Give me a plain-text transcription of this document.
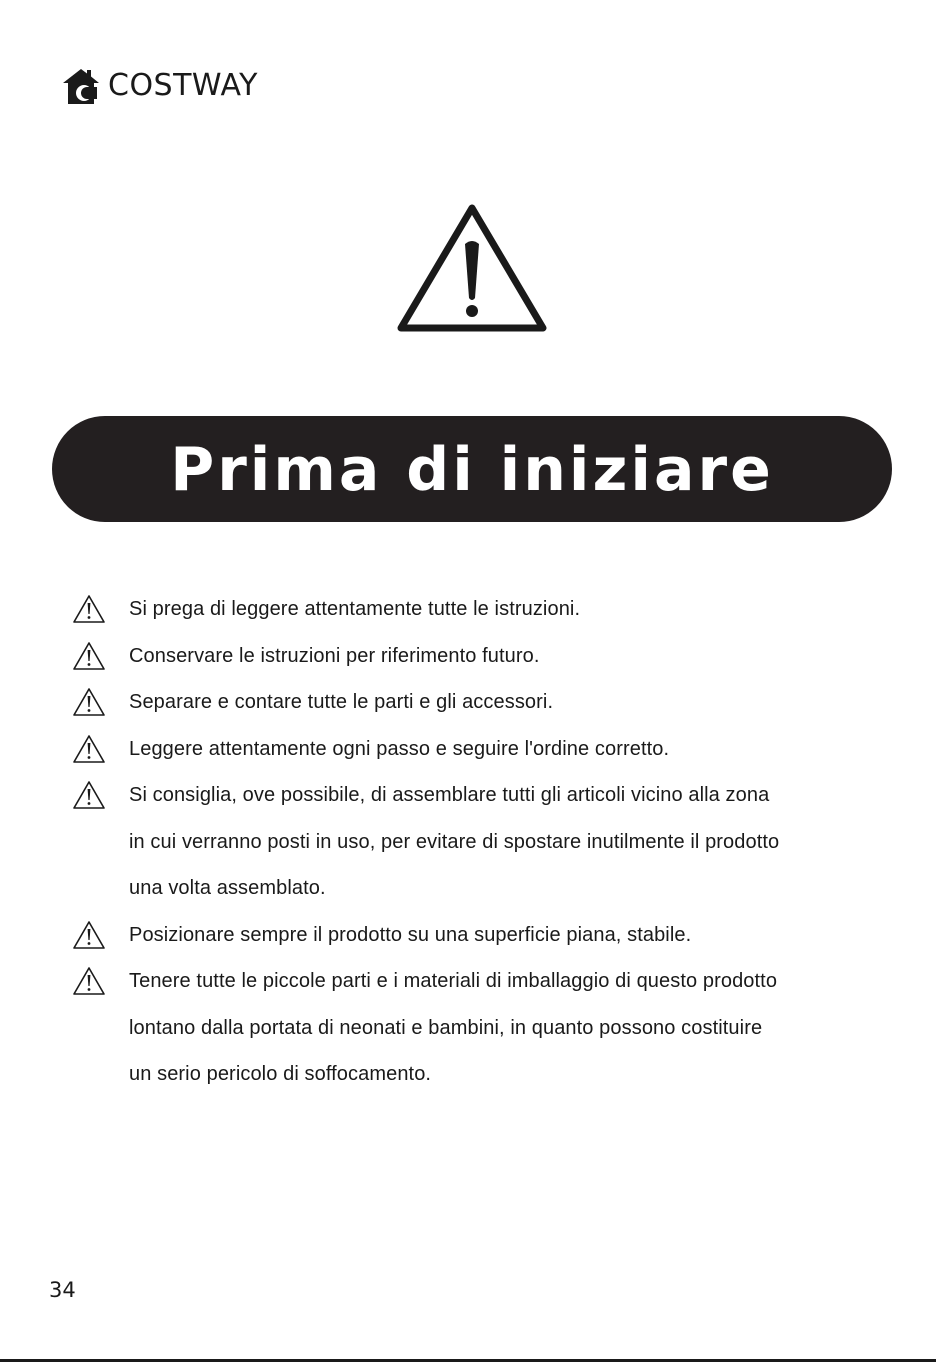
COSTWAY
Prima di iniziare
Si prega di leggere attentamente tutte le istruzioni.
Conservare le istruzioni per riferimento futuro.
Separare e contare tutte le parti e gli accessori.
Leggere attentamente ogni passo e seguire l'ordine corretto.
Si consiglia, ove possibile, di assemblare tutti gli articoli vicino alla zona
in cui verranno posti in uso, per evitare di spostare inutilmente il prodotto
una volta assemblato.
Posizionare sempre il prodotto su una superficie piana, stabile.
Tenere tutte le piccole parti e i materiali di imballaggio di questo prodotto
lontano dalla portata di neonati e bambini, in quanto possono costituire
un serio pericolo di soffocamento.
34
